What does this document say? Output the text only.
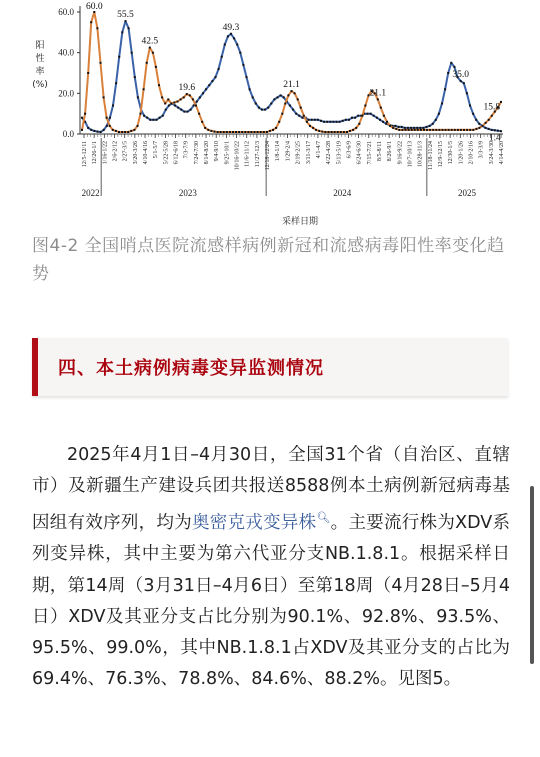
0.0
20.0
40.0
60.0
12/5-12/11 12/26-1/1 1/16-1/22 2/6-2/12 2/27-3/5 3/20-3/26 4/10-4/16 5/1-5/7 5/22-5/28 6/12-6/18 7/3-7/9 7/24-7/30 8/14-8/20 9/4-9/10 9/25-10/1 10/16-10/22 11/6-11/12 11/27-12/3 12/18-12/24 1/8-1/14 1/29-2/4 2/19-2/25 3/11-3/17 4/1-4/7 4/22-4/28 5/13-5/19 6/3-6/9 6/24-6/30 7/15-7/21 8/5-8/11 8/26-9/1 9/16-9/22 10/7-10/13 10/28-11/3 11/18-11/24 12/9-12/15 12/30-1/5 1/20-1/26 2/10-2/16 3/3-3/9 3/24-3/30 4/14-4/20
阳
性
率
(%)
2022	2023	2024	2025
采样日期
60.0
55.5
42.5
19.6
49.3
21.1
21.1
35.0
15.8
1.4
图4-2 全国哨点医院流感样病例新冠和流感病毒阳性率变化趋势
四、本土病例病毒变异监测情况

2025年4月1日–4月30日，全国31个省（自治区、直辖市）及新疆生产建设兵团共报送8588例本土病例新冠病毒基因组有效序列，均为奥密克戎变异株🔍︎。主要流行株为XDV系列变异株，其中主要为第六代亚分支NB.1.8.1。根据采样日期，第14周（3月31日–4月6日）至第18周（4月28日–5月4日）XDV及其亚分支占比分别为90.1%、92.8%、93.5%、95.5%、99.0%，其中NB.1.8.1占XDV及其亚分支的占比为69.4%、76.3%、78.8%、84.6%、88.2%。见图5。
